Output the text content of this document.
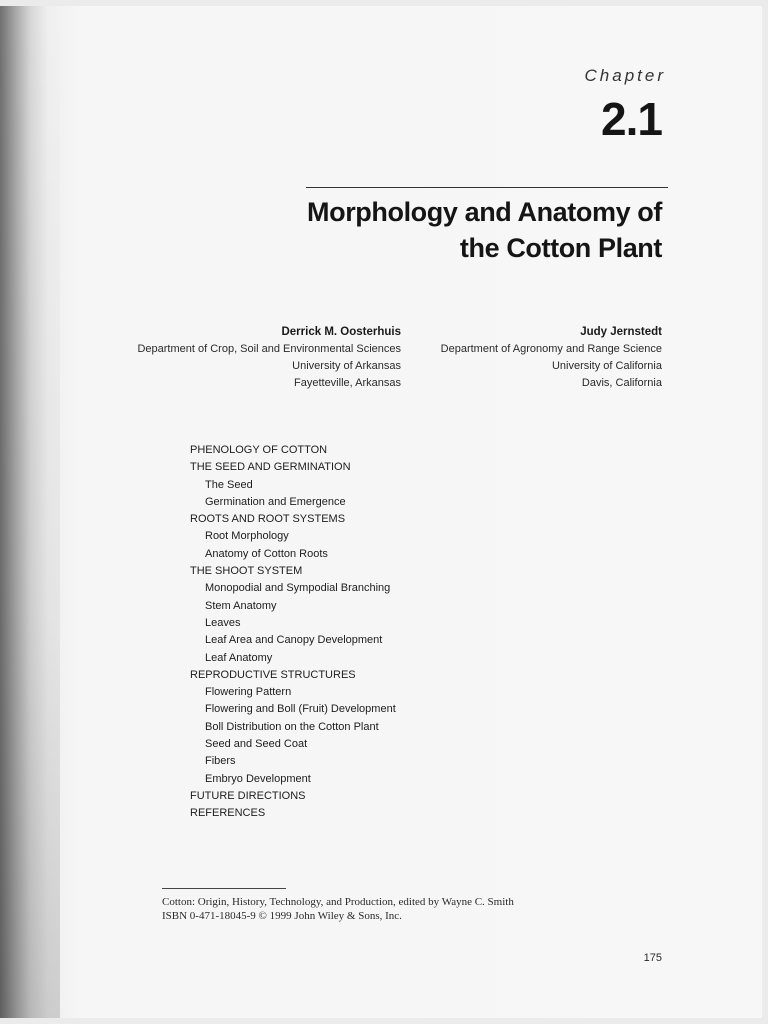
Chapter
2.1
Morphology and Anatomy of
the Cotton Plant
Derrick M. Oosterhuis
Department of Crop, Soil and Environmental Sciences
University of Arkansas
Fayetteville, Arkansas
Judy Jernstedt
Department of Agronomy and Range Science
University of California
Davis, California
PHENOLOGY OF COTTON
THE SEED AND GERMINATION
The Seed
Germination and Emergence
ROOTS AND ROOT SYSTEMS
Root Morphology
Anatomy of Cotton Roots
THE SHOOT SYSTEM
Monopodial and Sympodial Branching
Stem Anatomy
Leaves
Leaf Area and Canopy Development
Leaf Anatomy
REPRODUCTIVE STRUCTURES
Flowering Pattern
Flowering and Boll (Fruit) Development
Boll Distribution on the Cotton Plant
Seed and Seed Coat
Fibers
Embryo Development
FUTURE DIRECTIONS
REFERENCES
Cotton: Origin, History, Technology, and Production, edited by Wayne C. Smith
ISBN 0-471-18045-9 © 1999 John Wiley & Sons, Inc.
175
